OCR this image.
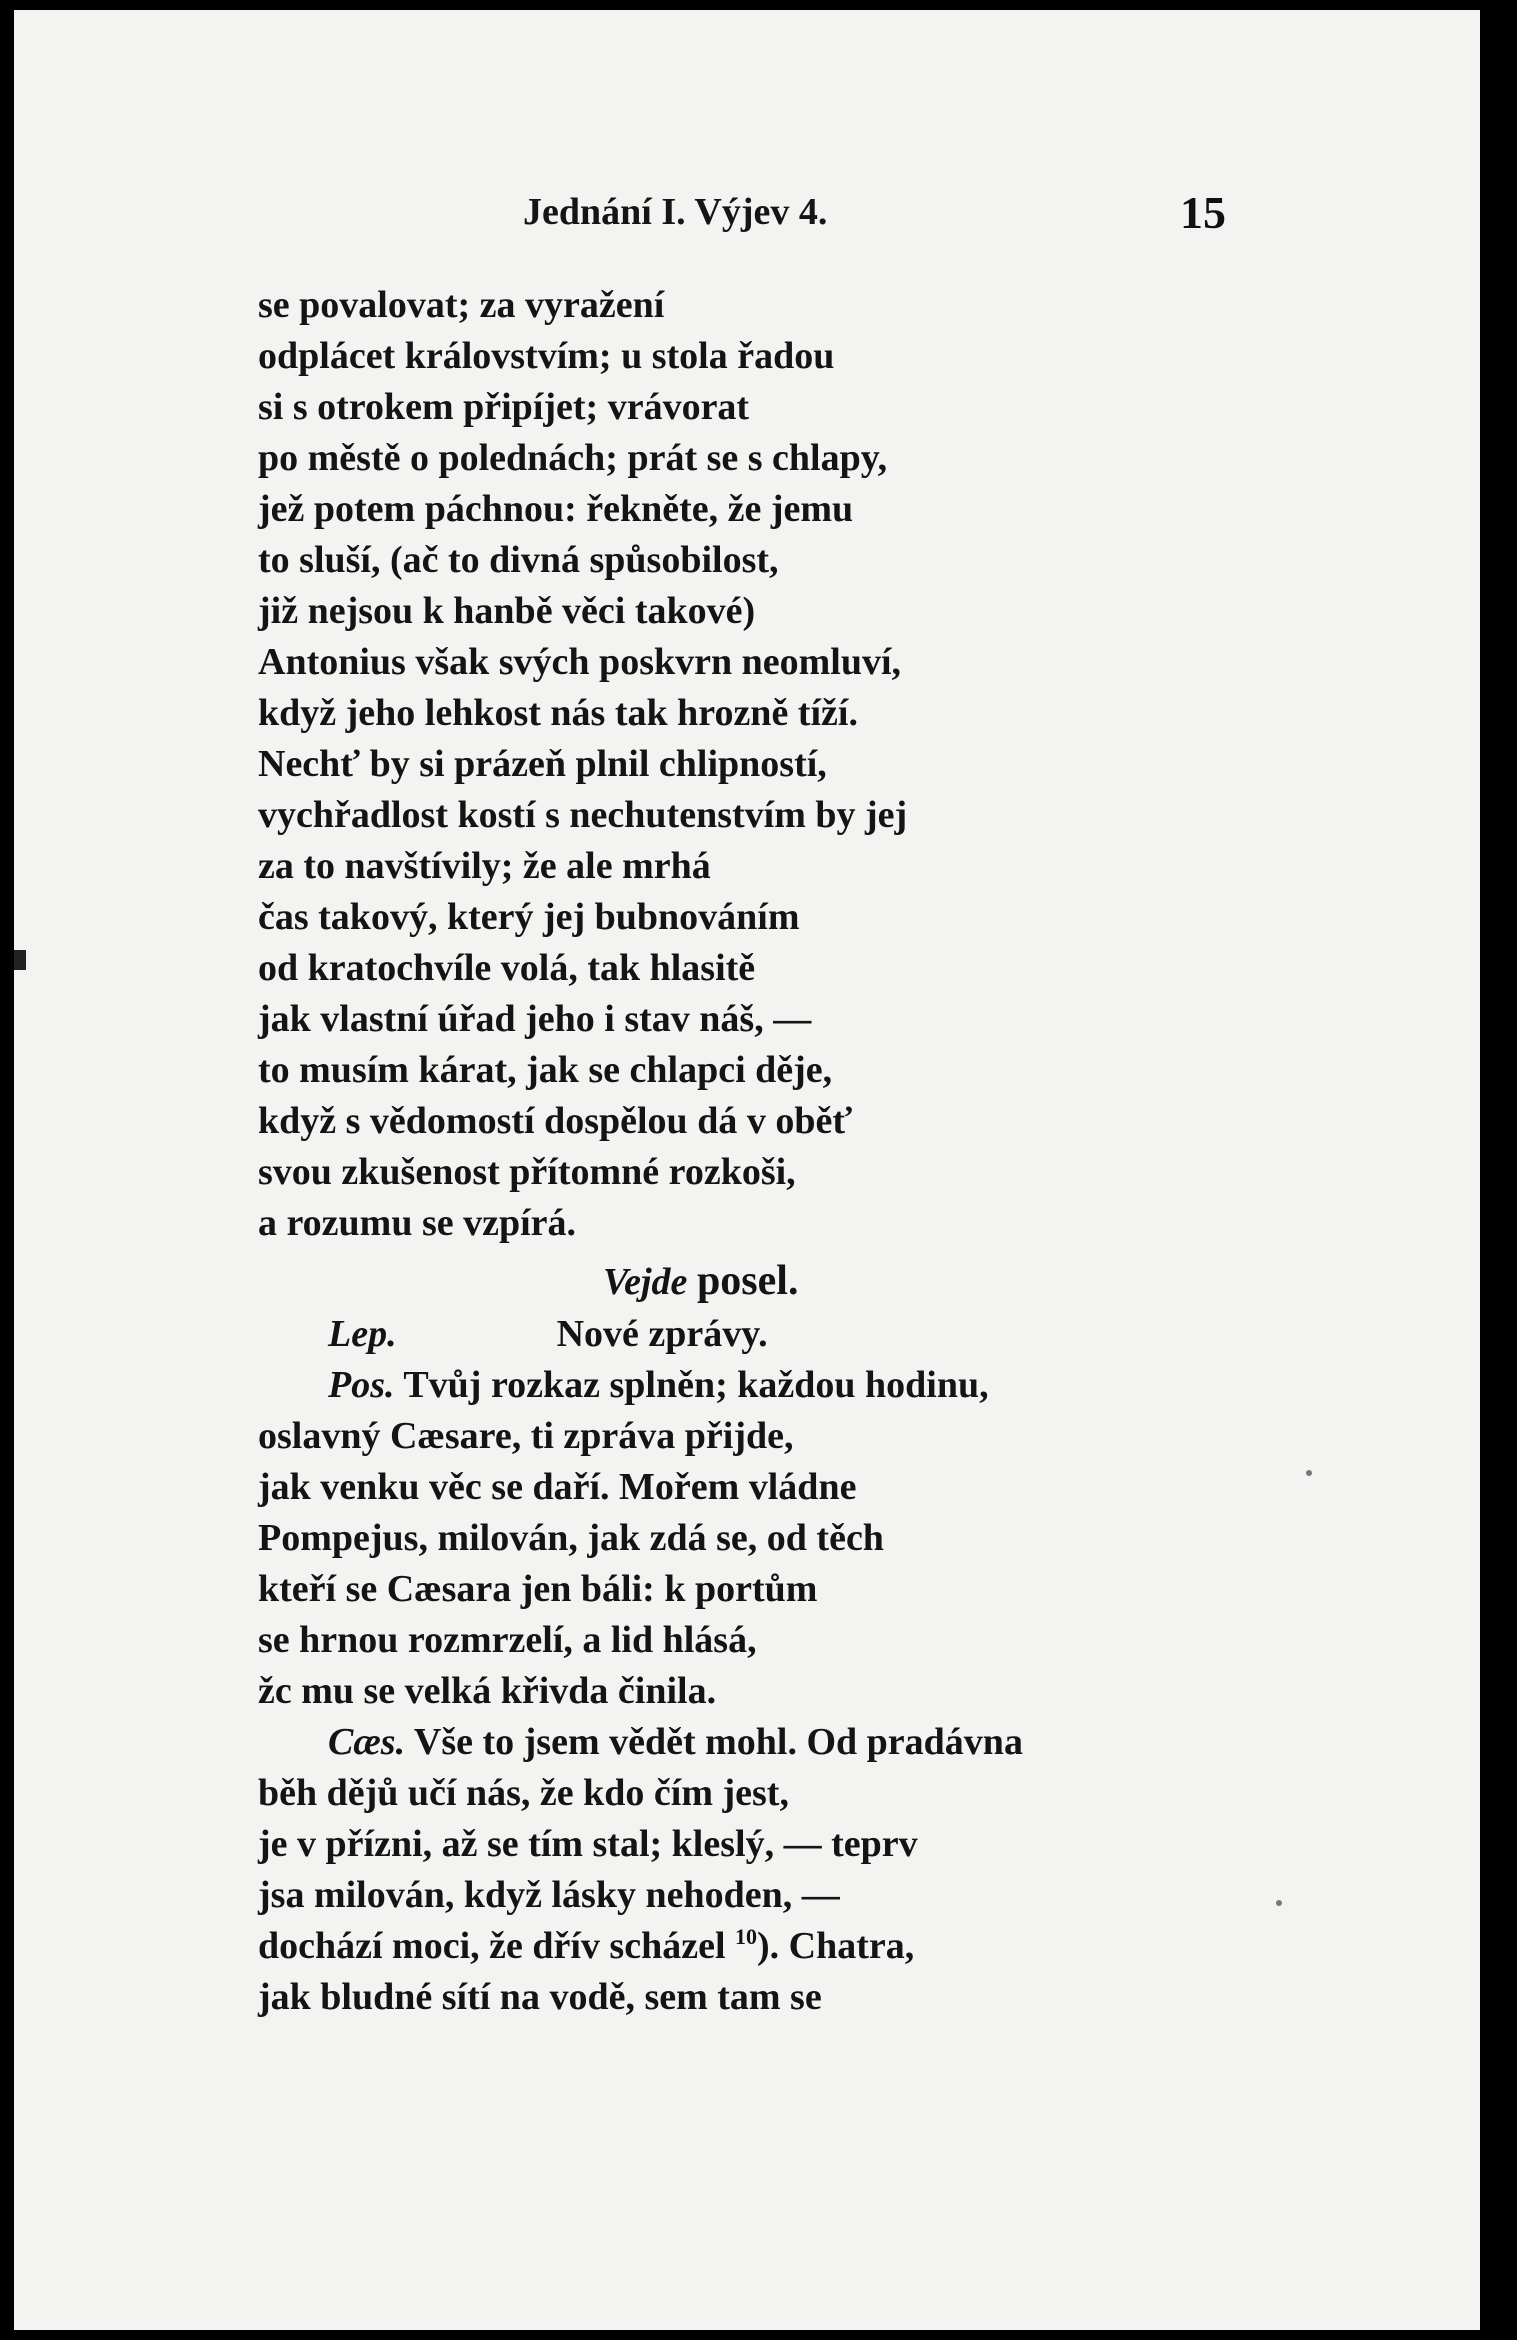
Jednání I. Výjev 4.	15
se povalovat; za vyražení
odplácet královstvím; u stola řadou
si s otrokem připíjet; vrávorat
po městě o polednách; prát se s chlapy,
jež potem páchnou: řekněte, že jemu
to sluší, (ač to divná spůsobilost,
již nejsou k hanbě věci takové)
Antonius však svých poskvrn neomluví,
když jeho lehkost nás tak hrozně tíží.
Nechť by si prázeň plnil chlipností,
vychřadlost kostí s nechutenstvím by jej
za to navštívily; že ale mrhá
čas takový, který jej bubnováním
od kratochvíle volá, tak hlasitě
jak vlastní úřad jeho i stav náš, —
to musím kárat, jak se chlapci děje,
když s vědomostí dospělou dá v oběť
svou zkušenost přítomné rozkoši,
a rozumu se vzpírá.
Vejde posel.
Lep.	Nové zprávy.
Pos. Tvůj rozkaz splněn; každou hodinu,
oslavný Cæsare, ti zpráva přijde,
jak venku věc se daří. Mořem vládne
Pompejus, milován, jak zdá se, od těch
kteří se Cæsara jen báli: k portům
se hrnou rozmrzelí, a lid hlásá,
žc mu se velká křivda činila.
Cæs. Vše to jsem vědět mohl. Od pradávna
běh dějů učí nás, že kdo čím jest,
je v přízni, až se tím stal; kleslý, — teprv
jsa milován, když lásky nehoden, —
dochází moci, že dřív scházel $^{10}$). Chatra,
jak bludné sítí na vodě, sem tam se
